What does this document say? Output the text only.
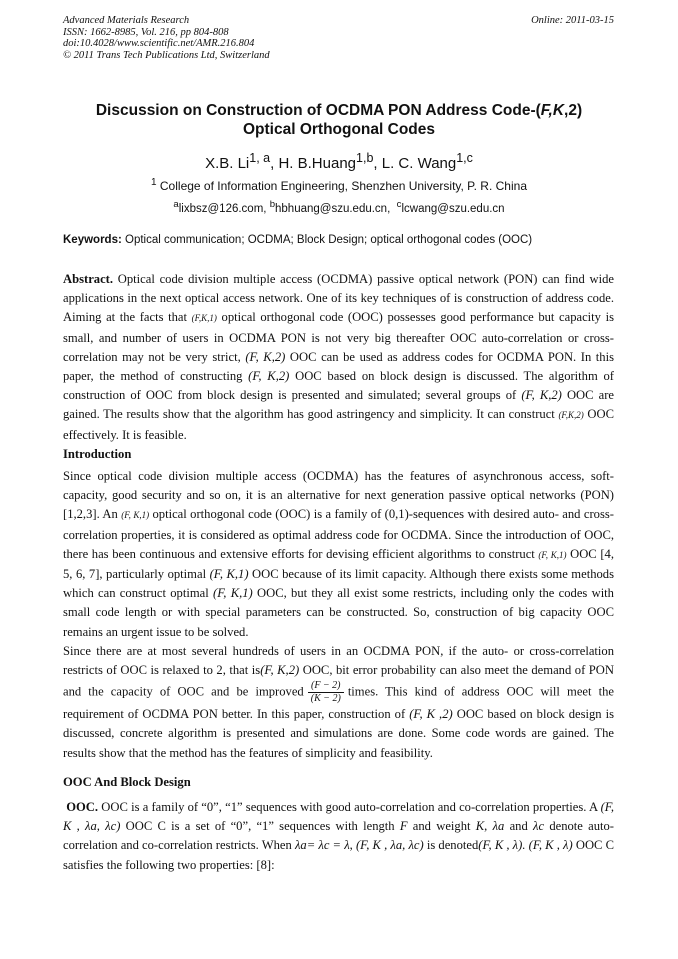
Advanced Materials Research
ISSN: 1662-8985, Vol. 216, pp 804-808
doi:10.4028/www.scientific.net/AMR.216.804
© 2011 Trans Tech Publications Ltd, Switzerland
Online: 2011-03-15
Discussion on Construction of OCDMA PON Address Code-(F,K,2)
Optical Orthogonal Codes
X.B. Li$^{1, a}$, H. B.Huang$^{1,b}$, L. C. Wang$^{1,c}$
$^1$ College of Information Engineering, Shenzhen University, P. R. China
$^a$lixbsz@126.com, $^b$hbhuang@szu.edu.cn, $^c$lcwang@szu.edu.cn
Keywords: Optical communication; OCDMA; Block Design; optical orthogonal codes (OOC)

Abstract. Optical code division multiple access (OCDMA) passive optical network (PON) can find wide applications in the next optical access network. One of its key techniques of is construction of address code. Aiming at the facts that (F,K,1) optical orthogonal code (OOC) possesses good performance but capacity is small, and number of users in OCDMA PON is not very big thereafter OOC auto-correlation or cross-correlation may not be very strict, (F, K,2) OOC can be used as address codes for OCDMA PON. In this paper, the method of constructing (F, K,2) OOC based on block design is discussed. The algorithm of construction of OOC from block design is presented and simulated; several groups of (F, K,2) OOC are gained. The results show that the algorithm has good astringency and simplicity. It can construct (F,K,2) OOC effectively. It is feasible.

Introduction

Since optical code division multiple access (OCDMA) has the features of asynchronous access, soft-capacity, good security and so on, it is an alternative for next generation passive optical networks (PON) [1,2,3]. An (F, K,1) optical orthogonal code (OOC) is a family of (0,1)-sequences with desired auto- and cross-correlation properties, it is considered as optimal address code for OCDMA. Since the introduction of OOC, there has been continuous and extensive efforts for devising efficient algorithms to construct (F, K,1) OOC [4, 5, 6, 7], particularly optimal (F, K,1) OOC because of its limit capacity. Although there exists some methods which can construct optimal (F, K,1) OOC, but they all exist some restricts, including only the codes with small code length or with special parameters can be constructed. So, construction of big capacity OOC remains an urgent issue to be solved.

Since there are at most several hundreds of users in an OCDMA PON, if the auto- or cross-correlation restricts of OOC is relaxed to 2, that is(F, K,2) OOC, bit error probability can also meet the demand of PON and the capacity of OOC and be improved $\frac{(F - 2)}{(K - 2)}$ times. This kind of address OOC will meet the requirement of OCDMA PON better. In this paper, construction of (F, K ,2) OOC based on block design is discussed, concrete algorithm is presented and simulations are done. Some code words are gained. The results show that the method has the features of simplicity and feasibility.

OOC And Block Design

OOC. OOC is a family of “0”, “1” sequences with good auto-correlation and co-correlation properties. A (F, K , λa, λc) OOC C is a set of “0”, “1” sequences with length F and weight K, λa and λc denote auto-correlation and co-correlation restricts. When λa= λc = λ, (F, K , λa, λc) is denoted(F, K , λ). (F, K , λ) OOC C satisfies the following two properties: [8]:
